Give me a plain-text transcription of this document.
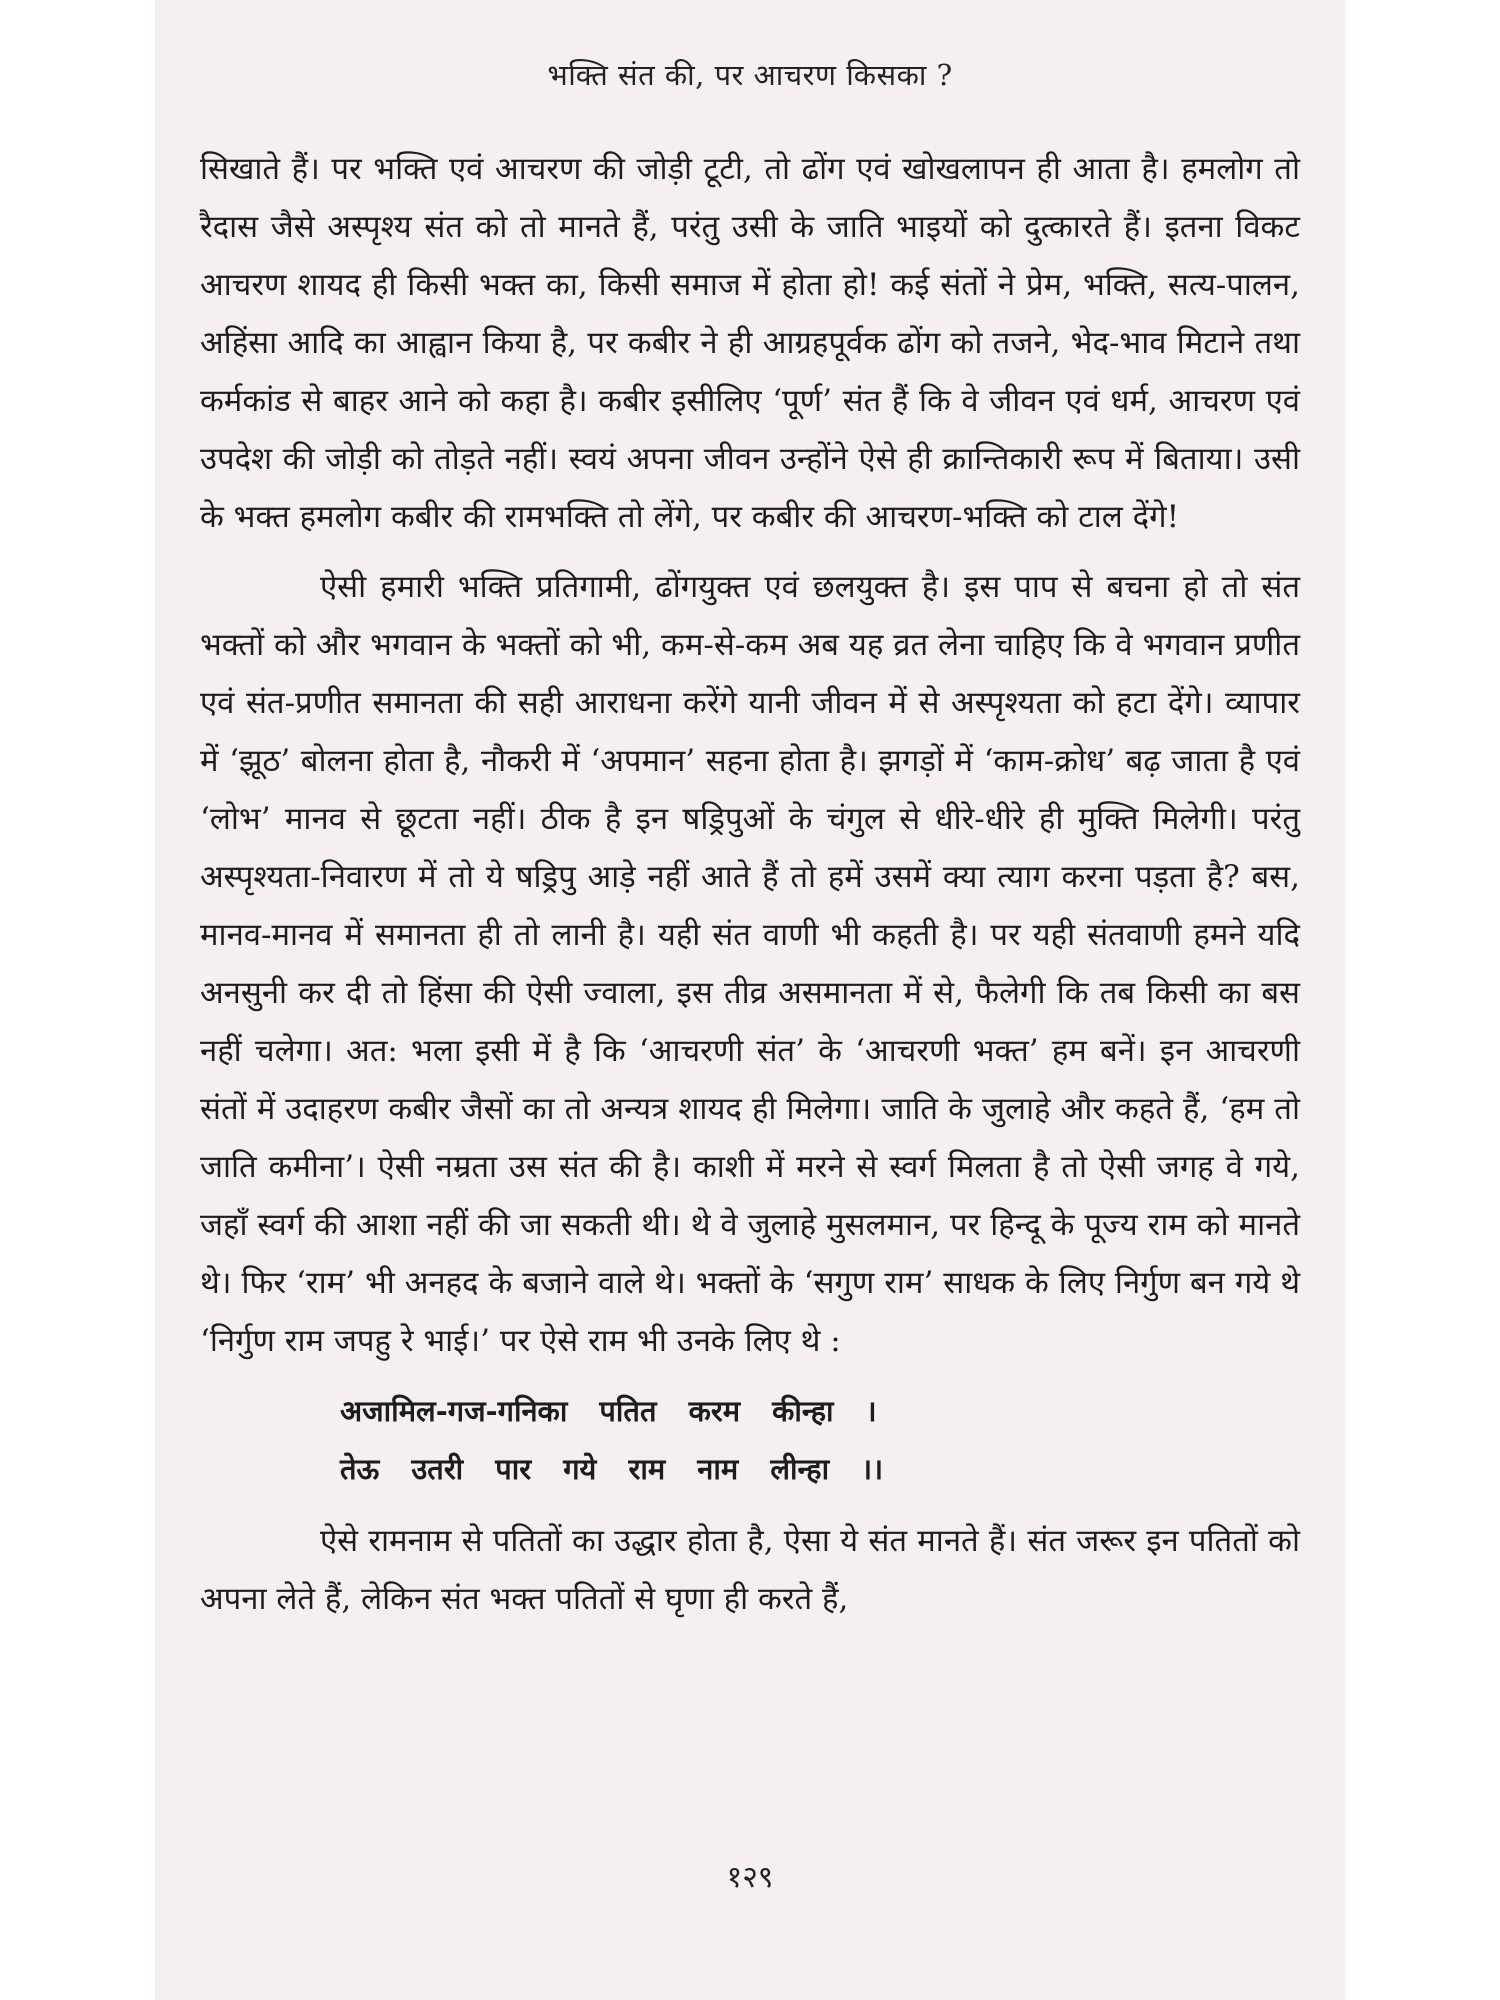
भक्ति संत की, पर आचरण किसका ?

सिखाते हैं। पर भक्ति एवं आचरण की जोड़ी टूटी, तो ढोंग एवं खोखलापन ही आता है। हमलोग तो रैदास जैसे अस्पृश्य संत को तो मानते हैं, परंतु उसी के जाति भाइयों को दुत्कारते हैं। इतना विकट आचरण शायद ही किसी भक्त का, किसी समाज में होता हो! कई संतों ने प्रेम, भक्ति, सत्य-पालन, अहिंसा आदि का आह्वान किया है, पर कबीर ने ही आग्रहपूर्वक ढोंग को तजने, भेद-भाव मिटाने तथा कर्मकांड से बाहर आने को कहा है। कबीर इसीलिए ‘पूर्ण’ संत हैं कि वे जीवन एवं धर्म, आचरण एवं उपदेश की जोड़ी को तोड़ते नहीं। स्वयं अपना जीवन उन्होंने ऐसे ही क्रान्तिकारी रूप में बिताया। उसी के भक्त हमलोग कबीर की रामभक्ति तो लेंगे, पर कबीर की आचरण-भक्ति को टाल देंगे!

ऐसी हमारी भक्ति प्रतिगामी, ढोंगयुक्त एवं छलयुक्त है। इस पाप से बचना हो तो संत भक्तों को और भगवान के भक्तों को भी, कम-से-कम अब यह व्रत लेना चाहिए कि वे भगवान प्रणीत एवं संत-प्रणीत समानता की सही आराधना करेंगे यानी जीवन में से अस्पृश्यता को हटा देंगे। व्यापार में ‘झूठ’ बोलना होता है, नौकरी में ‘अपमान’ सहना होता है। झगड़ों में ‘काम-क्रोध’ बढ़ जाता है एवं ‘लोभ’ मानव से छूटता नहीं। ठीक है इन षड्रिपुओं के चंगुल से धीरे-धीरे ही मुक्ति मिलेगी। परंतु अस्पृश्यता-निवारण में तो ये षड्रिपु आड़े नहीं आते हैं तो हमें उसमें क्या त्याग करना पड़ता है? बस, मानव-मानव में समानता ही तो लानी है। यही संत वाणी भी कहती है। पर यही संतवाणी हमने यदि अनसुनी कर दी तो हिंसा की ऐसी ज्वाला, इस तीव्र असमानता में से, फैलेगी कि तब किसी का बस नहीं चलेगा। अत: भला इसी में है कि ‘आचरणी संत’ के ‘आचरणी भक्त’ हम बनें। इन आचरणी संतों में उदाहरण कबीर जैसों का तो अन्यत्र शायद ही मिलेगा। जाति के जुलाहे और कहते हैं, ‘हम तो जाति कमीना’। ऐसी नम्रता उस संत की है। काशी में मरने से स्वर्ग मिलता है तो ऐसी जगह वे गये, जहाँ स्वर्ग की आशा नहीं की जा सकती थी। थे वे जुलाहे मुसलमान, पर हिन्दू के पूज्य राम को मानते थे। फिर ‘राम’ भी अनहद के बजाने वाले थे। भक्तों के ‘सगुण राम’ साधक के लिए निर्गुण बन गये थे ‘निर्गुण राम जपहु रे भाई।’ पर ऐसे राम भी उनके लिए थे :

अजामिल-गज-गनिका पतित करम कीन्हा ।
तेऊ उतरी पार गये राम नाम लीन्हा ।।

ऐसे रामनाम से पतितों का उद्धार होता है, ऐसा ये संत मानते हैं। संत जरूर इन पतितों को अपना लेते हैं, लेकिन संत भक्त पतितों से घृणा ही करते हैं,

१२९
